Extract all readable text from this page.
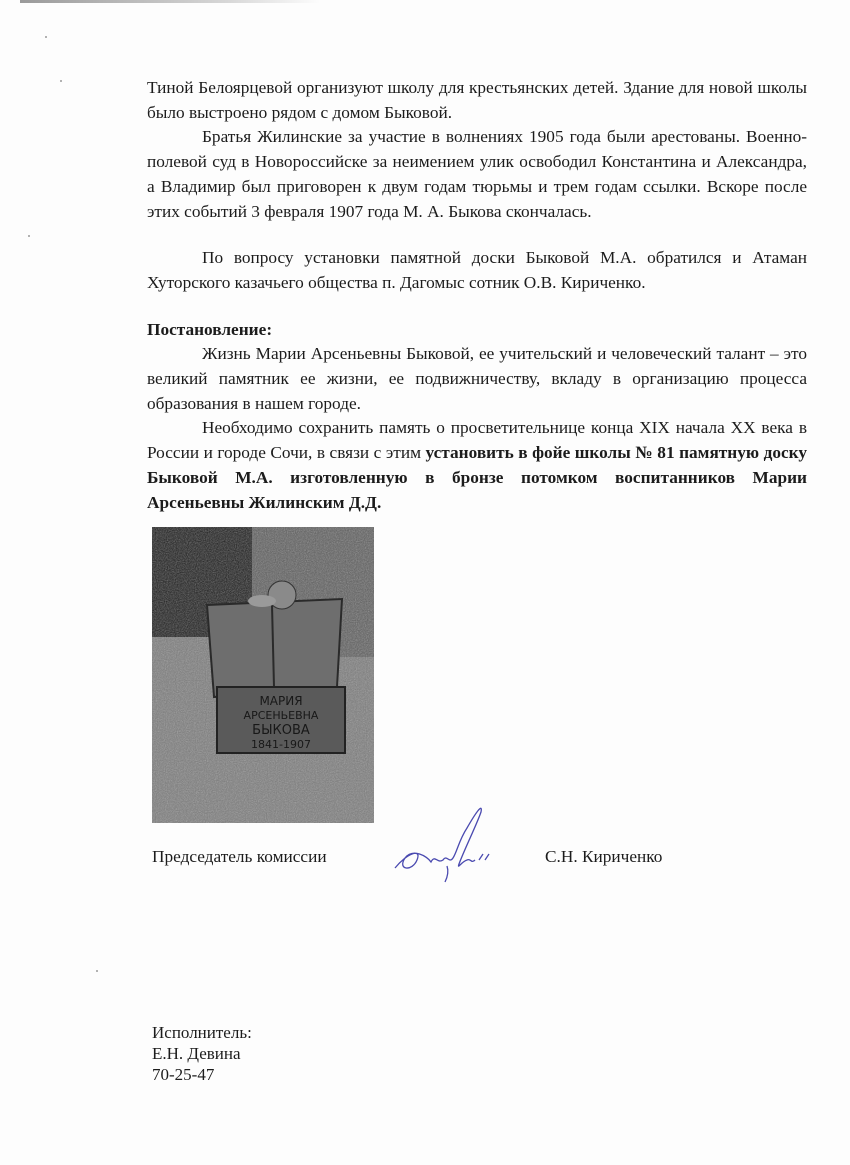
Тиной Белоярцевой организуют школу для крестьянских детей. Здание для новой школы было выстроено рядом с домом Быковой.

Братья Жилинские за участие в волнениях 1905 года были арестованы. Военно-полевой суд в Новороссийске за неимением улик освободил Константина и Александра, а Владимир был приговорен к двум годам тюрьмы и трем годам ссылки. Вскоре после этих событий 3 февраля 1907 года М. А. Быкова скончалась.

По вопросу установки памятной доски Быковой М.А. обратился и Атаман Хуторского казачьего общества п. Дагомыс сотник О.В. Кириченко.

Постановление:

Жизнь Марии Арсеньевны Быковой, ее учительский и человеческий талант – это великий памятник ее жизни, ее подвижничеству, вкладу в организацию процесса образования в нашем городе.

Необходимо сохранить память о просветительнице конца XIX начала XX века в России и городе Сочи, в связи с этим установить в фойе школы № 81 памятную доску Быковой М.А. изготовленную в бронзе потомком воспитанников Марии Арсеньевны Жилинским Д.Д.

МАРИЯ
АРСЕНЬЕВНА
БЫКОВА
1841-1907
Председатель комиссии	С.Н. Кириченко
Исполнитель:
Е.Н. Девина
70-25-47
